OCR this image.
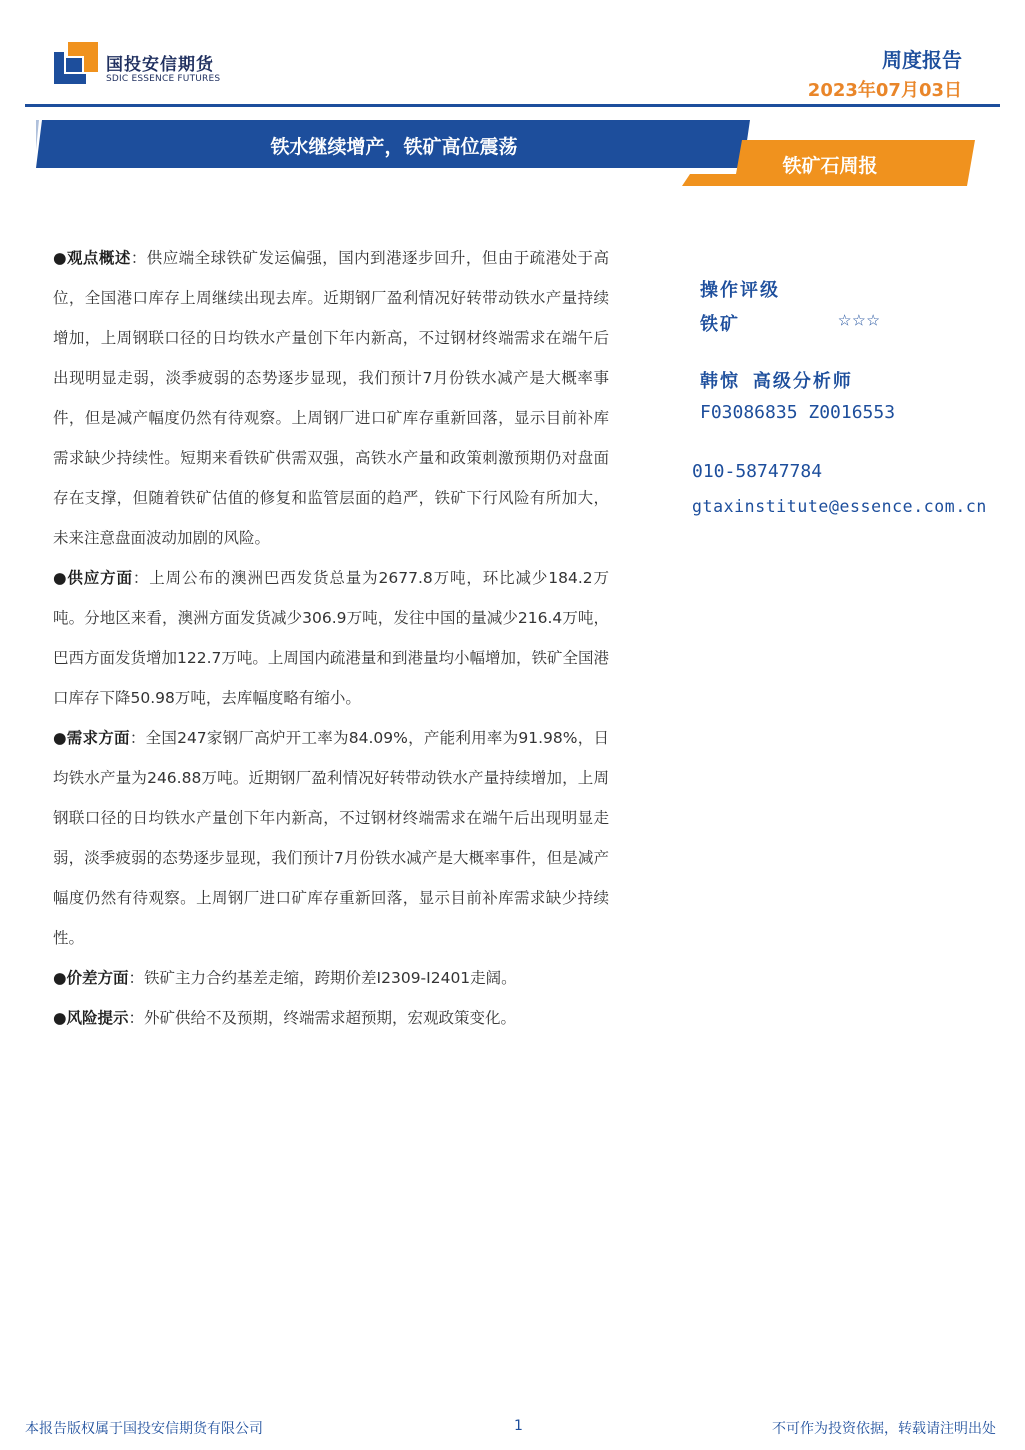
国投安信期货
SDIC ESSENCE FUTURES
周度报告
2023年07月03日
铁水继续增产，铁矿高位震荡
铁矿石周报

●观点概述：供应端全球铁矿发运偏强，国内到港逐步回升，但由于疏港处于高位，全国港口库存上周继续出现去库。近期钢厂盈利情况好转带动铁水产量持续增加，上周钢联口径的日均铁水产量创下年内新高，不过钢材终端需求在端午后出现明显走弱，淡季疲弱的态势逐步显现，我们预计7月份铁水减产是大概率事件，但是减产幅度仍然有待观察。上周钢厂进口矿库存重新回落，显示目前补库需求缺少持续性。短期来看铁矿供需双强，高铁水产量和政策刺激预期仍对盘面存在支撑，但随着铁矿估值的修复和监管层面的趋严，铁矿下行风险有所加大，未来注意盘面波动加剧的风险。

●供应方面：上周公布的澳洲巴西发货总量为2677.8万吨，环比减少184.2万吨。分地区来看，澳洲方面发货减少306.9万吨，发往中国的量减少216.4万吨，巴西方面发货增加122.7万吨。上周国内疏港量和到港量均小幅增加，铁矿全国港口库存下降50.98万吨，去库幅度略有缩小。

●需求方面：全国247家钢厂高炉开工率为84.09%，产能利用率为91.98%，日均铁水产量为246.88万吨。近期钢厂盈利情况好转带动铁水产量持续增加，上周钢联口径的日均铁水产量创下年内新高，不过钢材终端需求在端午后出现明显走弱，淡季疲弱的态势逐步显现，我们预计7月份铁水减产是大概率事件，但是减产幅度仍然有待观察。上周钢厂进口矿库存重新回落，显示目前补库需求缺少持续性。

●价差方面：铁矿主力合约基差走缩，跨期价差I2309-I2401走阔。

●风险提示：外矿供给不及预期，终端需求超预期，宏观政策变化。

操作评级
铁矿	☆☆☆
韩惊 高级分析师
F03086835 Z0016553
010-58747784
gtaxinstitute@essence.com.cn
本报告版权属于国投安信期货有限公司	1	不可作为投资依据，转载请注明出处
